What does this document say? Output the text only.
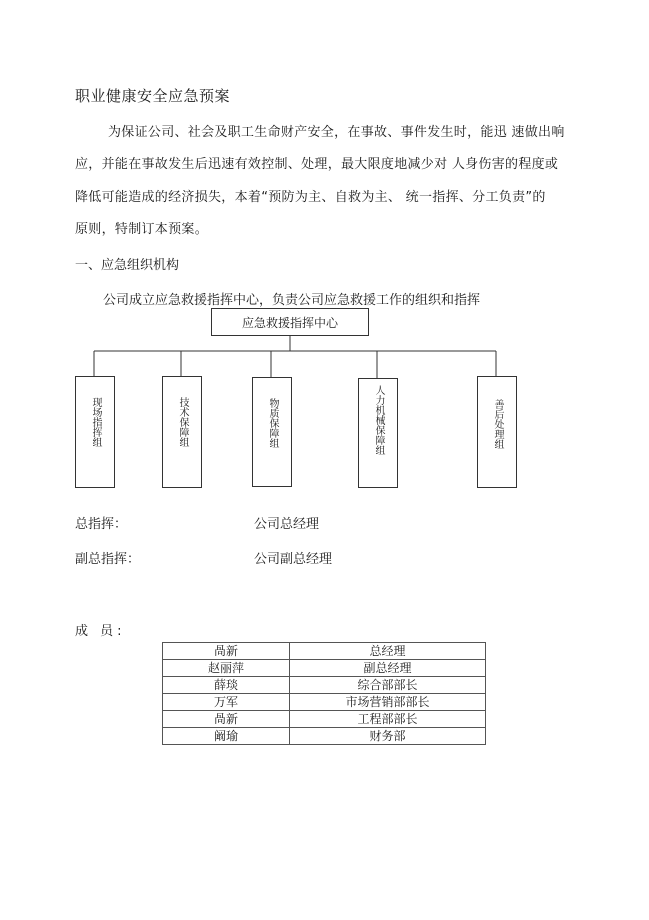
职业健康安全应急预案
为保证公司、社会及职工生命财产安全，在事故、事件发生时，能迅 速做出响
应，并能在事故发生后迅速有效控制、处理，最大限度地减少对 人身伤害的程度或
降低可能造成的经济损失，本着“预防为主、自救为主、 统一指挥、分工负责”的
原则，特制订本预案。
一、应急组织机构
公司成立应急救援指挥中心，负责公司应急救援工作的组织和指挥
应急救援指挥中心
现场指挥组	技术保障组	物质保障组	人力机械保障组	善后处理组
总指挥：	公司总经理
副总指挥：	公司副总经理
成 员:
咼新	总经理
赵丽萍	副总经理
薛琰	综合部部长
万军	市场营销部部长
咼新	工程部部长
阚瑜	财务部
